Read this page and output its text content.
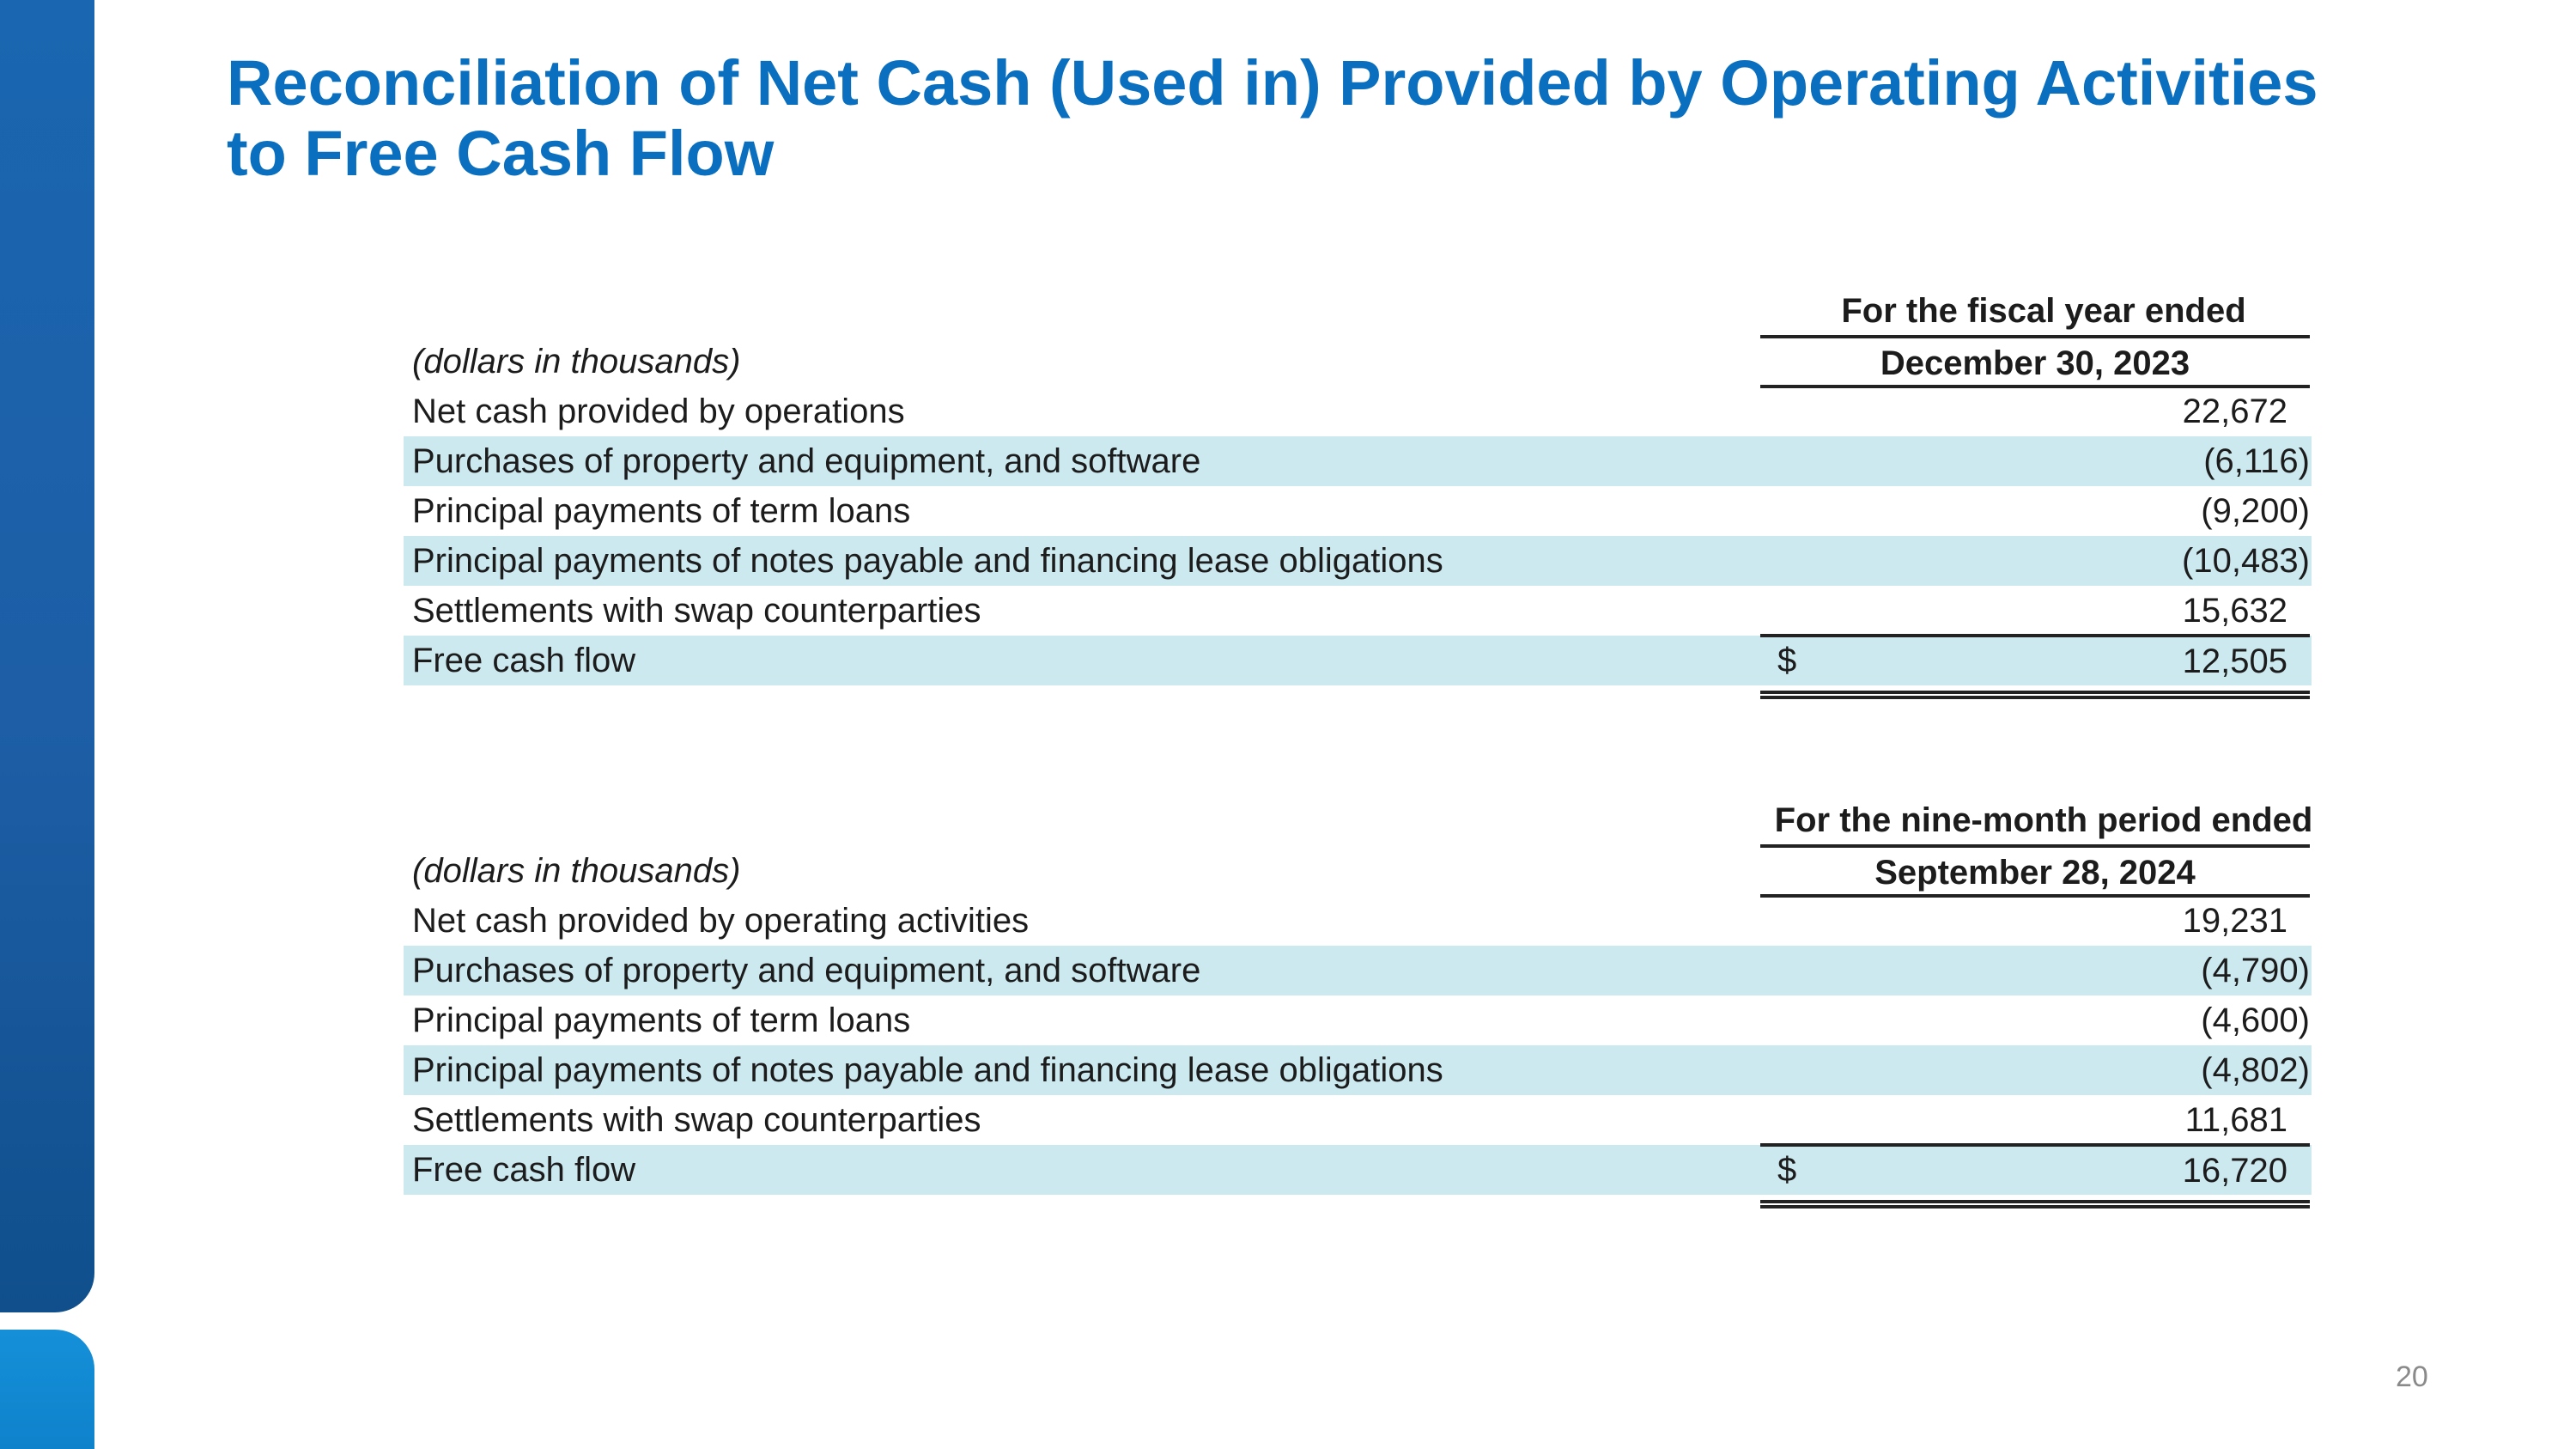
Reconciliation of Net Cash (Used in) Provided by Operating Activities
to Free Cash Flow
For the fiscal year ended
(dollars in thousands)	December 30, 2023
Net cash provided by operations	22,672
Purchases of property and equipment, and software	(6,116)
Principal payments of term loans	(9,200)
Principal payments of notes payable and financing lease obligations	(10,483)
Settlements with swap counterparties	15,632
Free cash flow	$	12,505
For the nine-month period ended
(dollars in thousands)	September 28, 2024
Net cash provided by operating activities	19,231
Purchases of property and equipment, and software	(4,790)
Principal payments of term loans	(4,600)
Principal payments of notes payable and financing lease obligations	(4,802)
Settlements with swap counterparties	11,681
Free cash flow	$	16,720
20
